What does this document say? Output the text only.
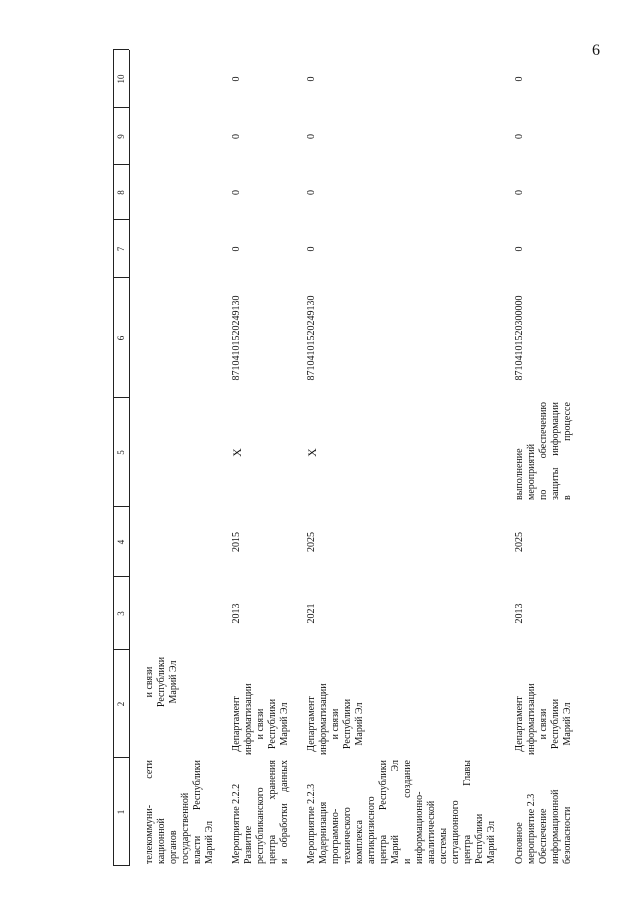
6
1
2
3
4
5
6
7
8
9
10
телекоммуни- сети кационной органов государственной власти Республики Марий Эл
и связи Республики Марий Эл
Мероприятие 2.2.2 Развитие республиканского центра хранения и обработки данных
Департамент информатизации и связи Республики Марий Эл
2013
2015
X
87104101520249130
0
0
0
0
Мероприятие 2.2.3 Модернизация программно- технического комплекса антикризисного центра Республики Марий Эл и создание информационно- аналитической системы ситуационного центра Главы Республики Марий Эл
Департамент информатизации и связи Республики Марий Эл
2021
2025
X
87104101520249130
0
0
0
0
Основное мероприятие 2.3 Обеспечение информационной безопасности
Департамент информатизации и связи Республики Марий Эл
2013
2025
выполнение мероприятий по обеспечению защиты информации в процессе
87104101520300000
0
0
0
0
